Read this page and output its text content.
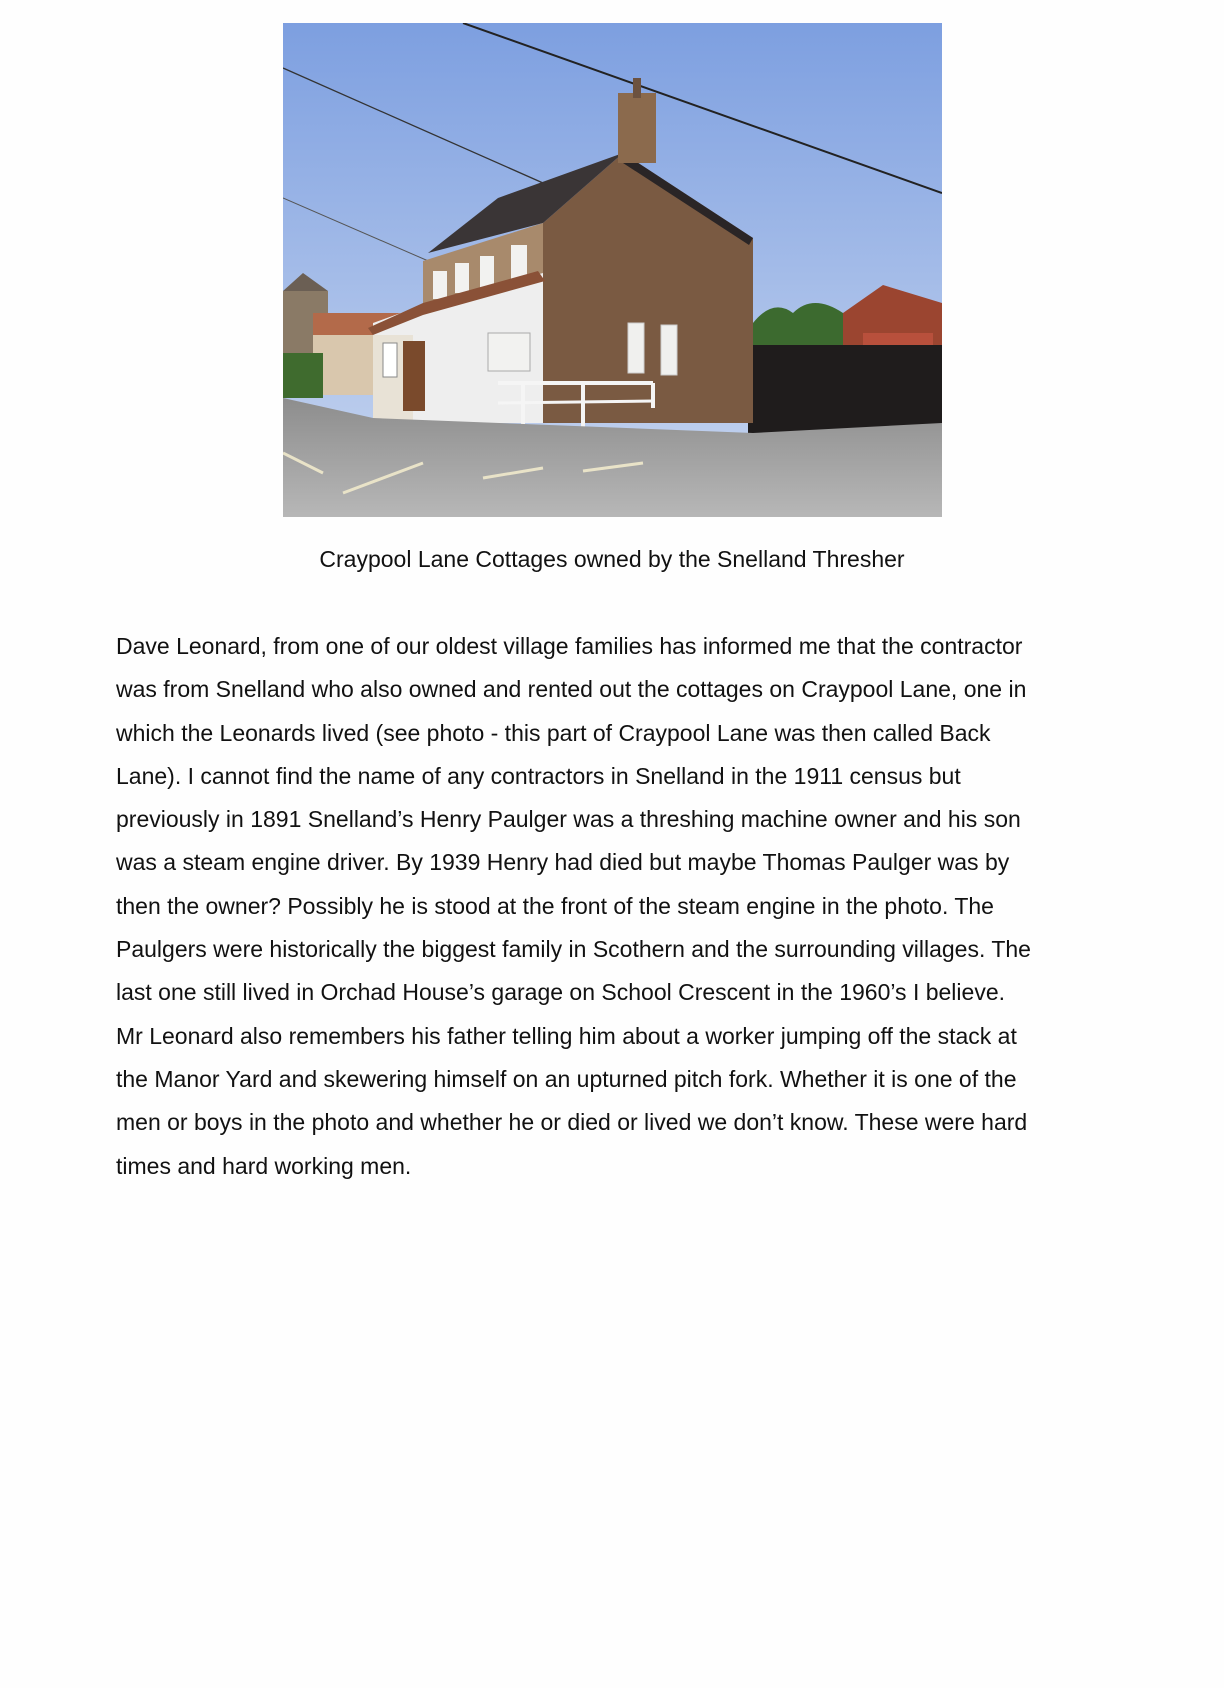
Craypool Lane Cottages owned by the Snelland Thresher

Dave Leonard, from one of our oldest village families has informed me that the contractor
was from Snelland who also owned and rented out the cottages on Craypool Lane, one in
which the Leonards lived (see photo - this part of Craypool Lane was then called Back
Lane). I cannot find the name of any contractors in Snelland in the 1911 census but
previously in 1891 Snelland’s Henry Paulger was a threshing machine owner and his son
was a steam engine driver. By 1939 Henry had died but maybe Thomas Paulger was by
then the owner? Possibly he is stood at the front of the steam engine in the photo. The
Paulgers were historically the biggest family in Scothern and the surrounding villages. The
last one still lived in Orchad House’s garage on School Crescent in the 1960’s I believe.
Mr Leonard also remembers his father telling him about a worker jumping off the stack at
the Manor Yard and skewering himself on an upturned pitch fork. Whether it is one of the
men or boys in the photo and whether he or died or lived we don’t know. These were hard
times and hard working men.
